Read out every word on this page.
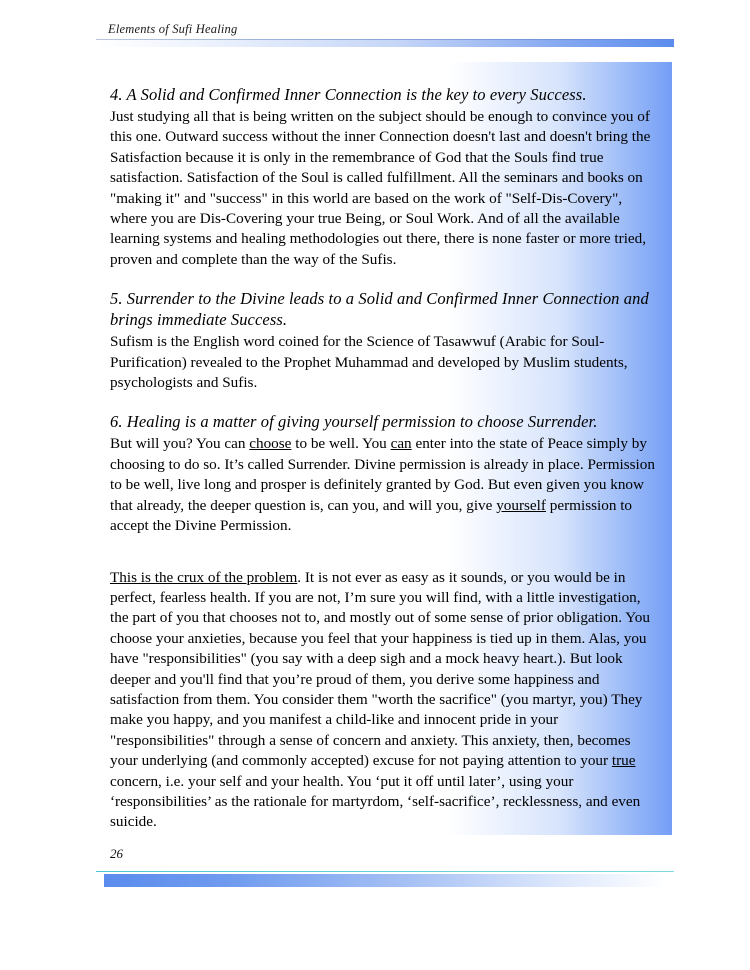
Elements of Sufi Healing
4. A Solid and Confirmed Inner Connection is the key to every Success.

Just studying all that is being written on the subject should be enough to convince you of this one. Outward success without the inner Connection doesn't last and doesn't bring the Satisfaction because it is only in the remembrance of God that the Souls find true satisfaction. Satisfaction of the Soul is called fulfillment. All the seminars and books on "making it" and "success" in this world are based on the work of "Self-Dis-Covery", where you are Dis-Covering your true Being, or Soul Work. And of all the available learning systems and healing methodologies out there, there is none faster or more tried, proven and complete than the way of the Sufis.

5. Surrender to the Divine leads to a Solid and Confirmed Inner Connection and brings immediate Success.

Sufism is the English word coined for the Science of Tasawwuf (Arabic for Soul-Purification) revealed to the Prophet Muhammad and developed by Muslim students, psychologists and Sufis.

6. Healing is a matter of giving yourself permission to choose Surrender.

But will you? You can choose to be well. You can enter into the state of Peace simply by choosing to do so. It’s called Surrender. Divine permission is already in place. Permission to be well, live long and prosper is definitely granted by God. But even given you know that already, the deeper question is, can you, and will you, give yourself permission to accept the Divine Permission.

This is the crux of the problem. It is not ever as easy as it sounds, or you would be in perfect, fearless health. If you are not, I’m sure you will find, with a little investigation, the part of you that chooses not to, and mostly out of some sense of prior obligation. You choose your anxieties, because you feel that your happiness is tied up in them. Alas, you have "responsibilities" (you say with a deep sigh and a mock heavy heart.). But look deeper and you'll find that you’re proud of them, you derive some happiness and satisfaction from them. You consider them "worth the sacrifice" (you martyr, you) They make you happy, and you manifest a child-like and innocent pride in your "responsibilities" through a sense of concern and anxiety. This anxiety, then, becomes your underlying (and commonly accepted) excuse for not paying attention to your true concern, i.e. your self and your health. You ‘put it off until later’, using your ‘responsibilities’ as the rationale for martyrdom, ‘self-sacrifice’, recklessness, and even suicide.

26
